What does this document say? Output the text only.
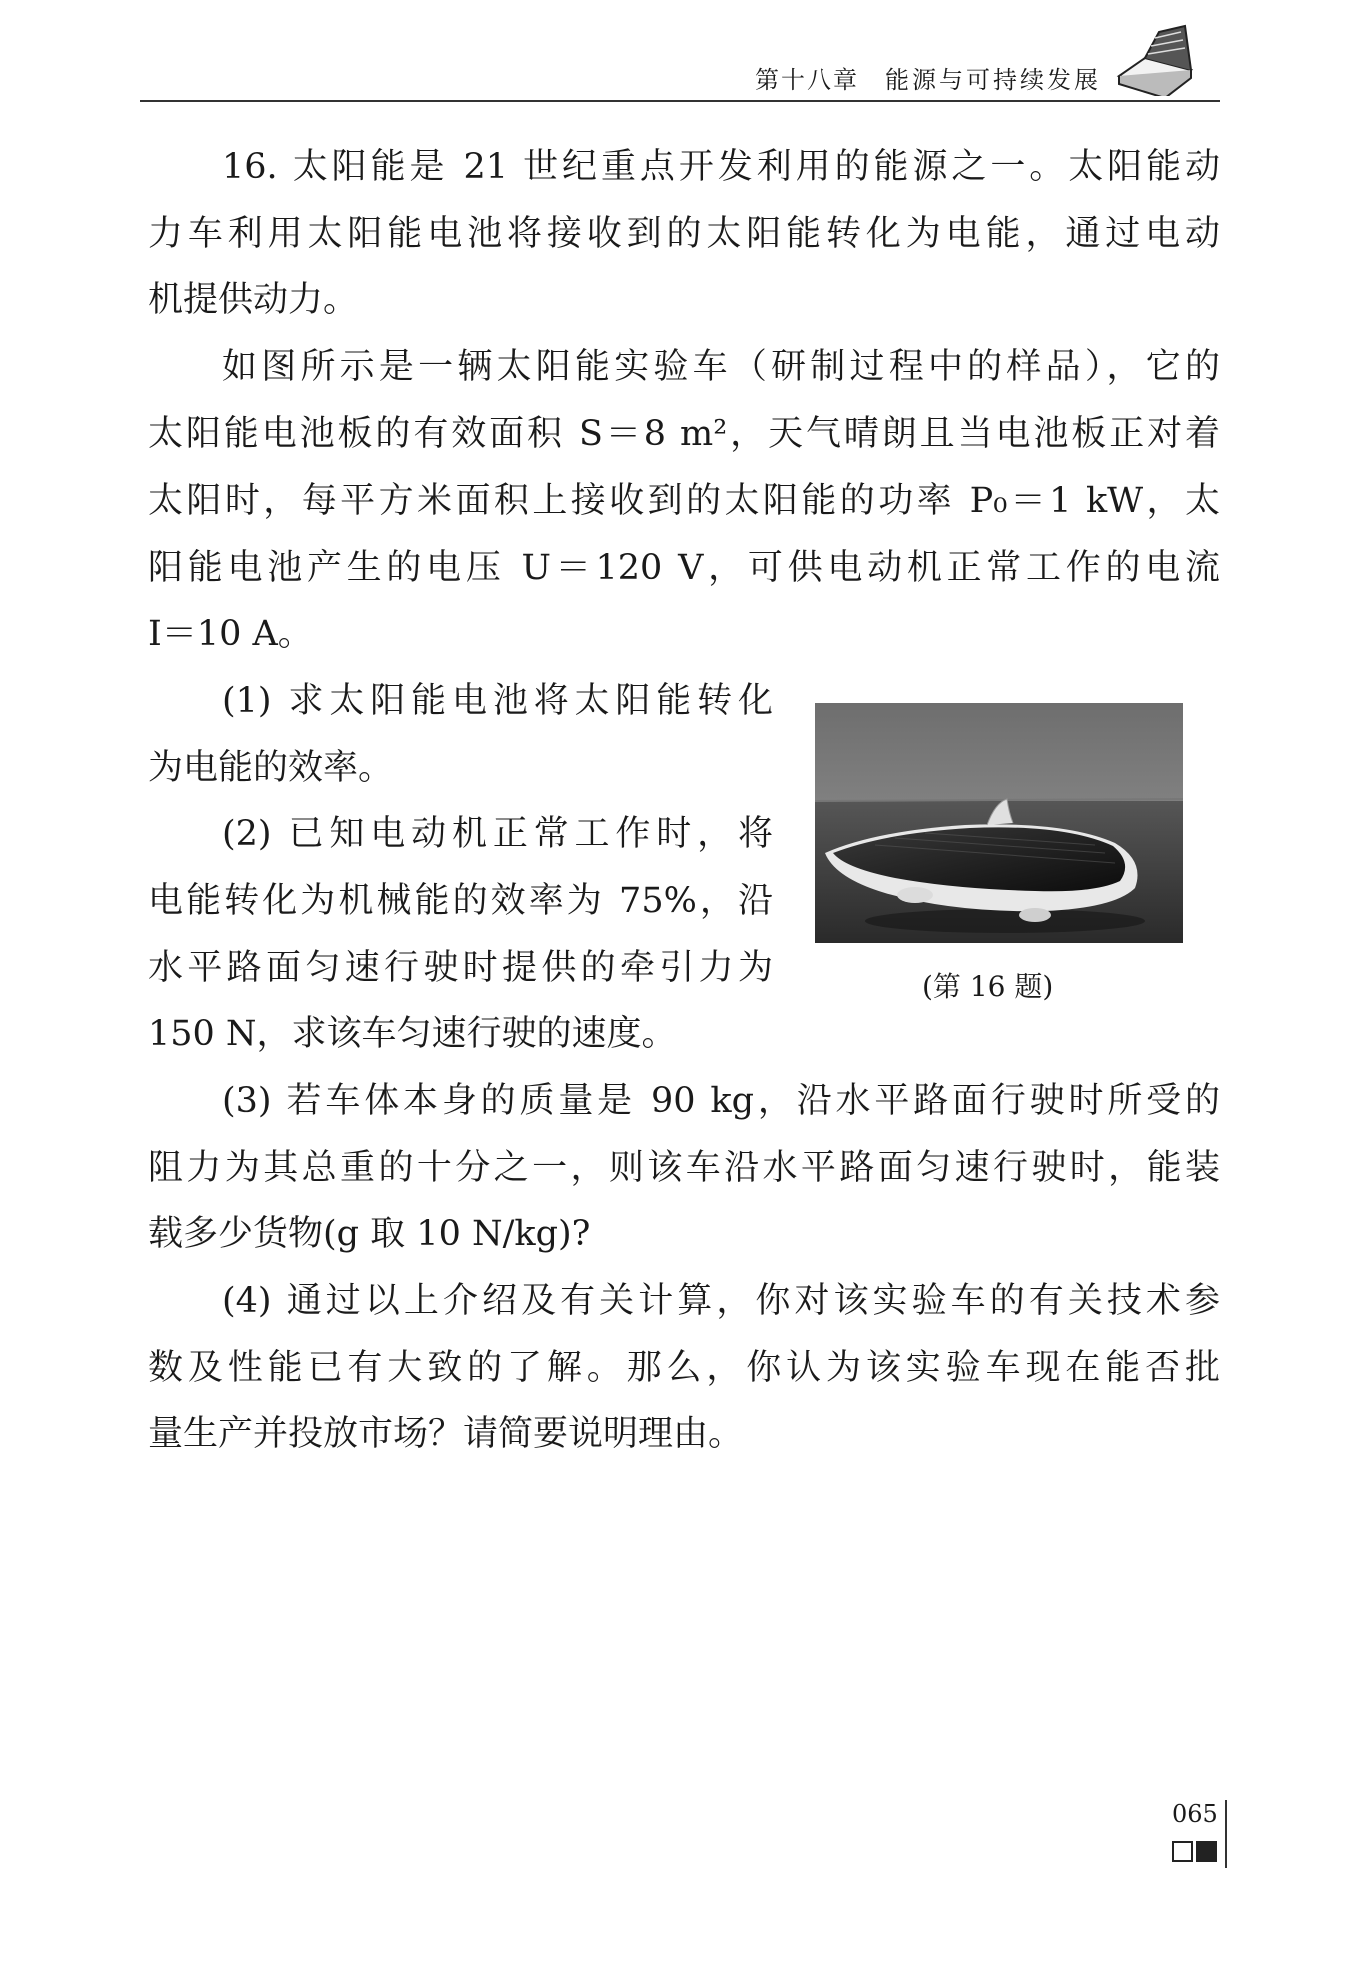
第十八章 能源与可持续发展
16. 太阳能是 21 世纪重点开发利用的能源之一。太阳能动
力车利用太阳能电池将接收到的太阳能转化为电能，通过电动
机提供动力。
如图所示是一辆太阳能实验车（研制过程中的样品），它的
太阳能电池板的有效面积 S＝8 m²，天气晴朗且当电池板正对着
太阳时，每平方米面积上接收到的太阳能的功率 P₀＝1 kW，太
阳能电池产生的电压 U＝120 V，可供电动机正常工作的电流
I＝10 A。
(1) 求太阳能电池将太阳能转化
为电能的效率。
(2) 已知电动机正常工作时，将
电能转化为机械能的效率为 75%，沿
水平路面匀速行驶时提供的牵引力为
150 N，求该车匀速行驶的速度。
(第 16 题)
(3) 若车体本身的质量是 90 kg，沿水平路面行驶时所受的
阻力为其总重的十分之一，则该车沿水平路面匀速行驶时，能装
载多少货物(g 取 10 N/kg)?
(4) 通过以上介绍及有关计算，你对该实验车的有关技术参
数及性能已有大致的了解。那么，你认为该实验车现在能否批
量生产并投放市场？请简要说明理由。
065
